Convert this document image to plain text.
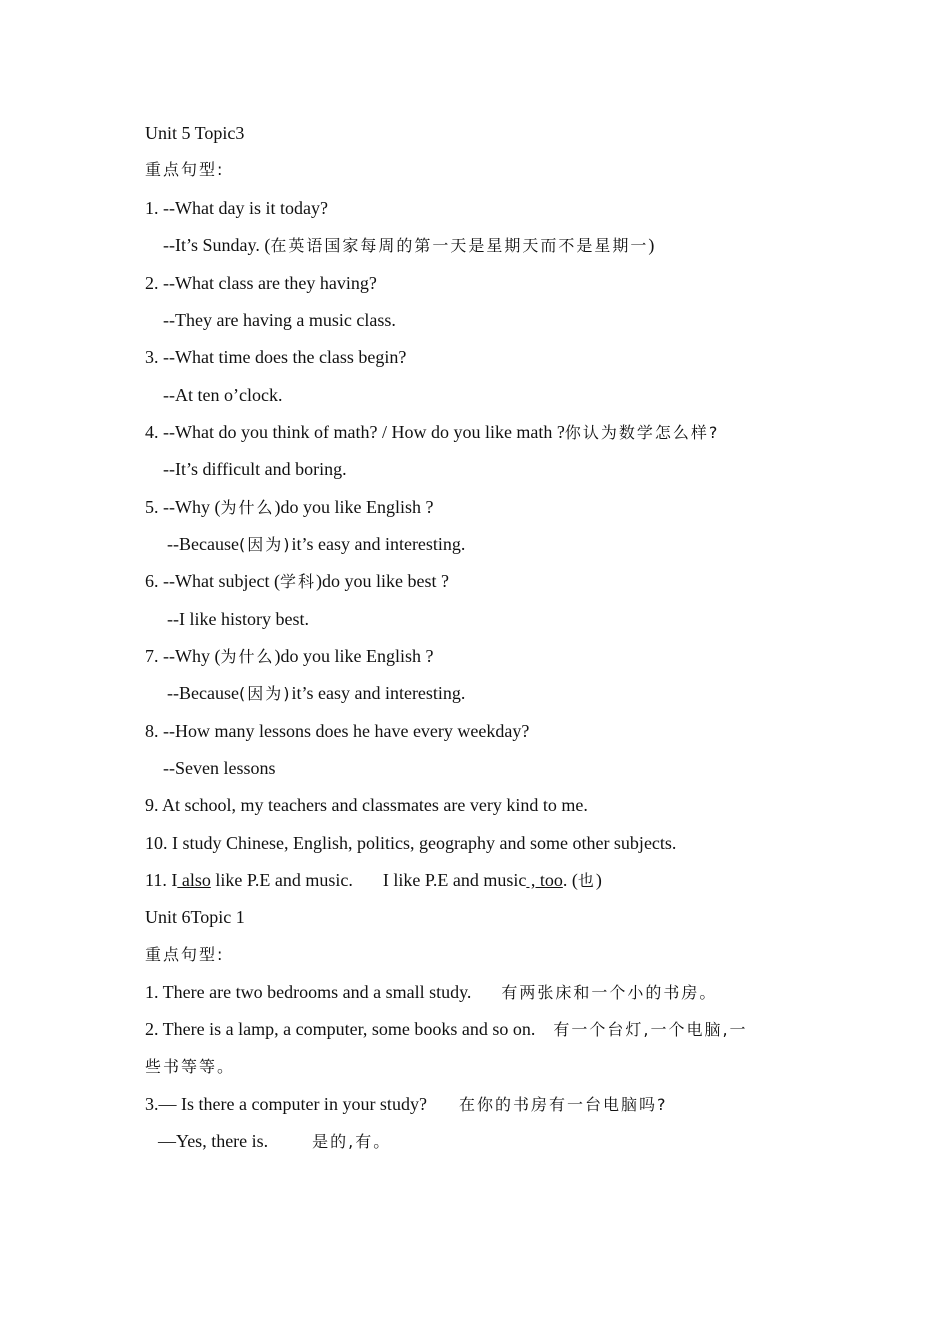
Unit 5 Topic3
重点句型:
1. --What day is it today?
--It’s Sunday. (在英语国家每周的第一天是星期天而不是星期一)
2. --What class are they having?
--They are having a music class.
3. --What time does the class begin?
--At ten o’clock.
4. --What do you think of math? / How do you like math ?你认为数学怎么样?
--It’s difficult and boring.
5. --Why (为什么)do you like English ?
--Because(因为)it’s easy and interesting.
6. --What subject (学科)do you like best ?
--I like history best.
7. --Why (为什么)do you like English ?
--Because(因为)it’s easy and interesting.
8. --How many lessons does he have every weekday?
--Seven lessons
9. At school, my teachers and classmates are very kind to me.
10. I study Chinese, English, politics, geography and some other subjects.
11. I also like P.E and music. I like P.E and music , too. (也)
Unit 6Topic 1
重点句型:
1. There are two bedrooms and a small study. 有两张床和一个小的书房。
2. There is a lamp, a computer, some books and so on. 有一个台灯,一个电脑,一
些书等等。
3.— Is there a computer in your study? 在你的书房有一台电脑吗?
—Yes, there is.	是的,有。
